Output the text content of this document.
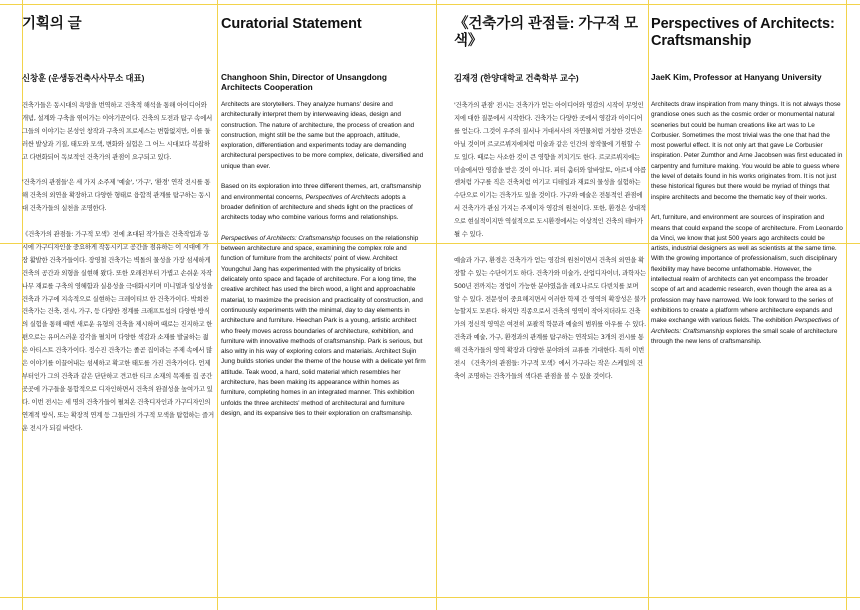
기획의 글
신창훈 (운생동건축사사무소 대표)

건축가들은 동시대의 욕망을 번역하고 건축적 해석을 통해 아이디어와 개념, 설계와 구축을 엮어가는 이야기꾼이다. 건축의 도전과 탐구 속에서 그들의 이야기는 본성인 창작과 구축의 프로세스는 변함없지만, 이를 둘러싼 발상과 기질, 태도와 모색, 변화와 실험은 그 어느 시대보다 복잡하고 다변화되어 독보적인 건축가의 관점이 요구되고 있다.

'건축가의 관점들'은 세 가지 소주제 '예술', '가구', '환경' 연작 전시를 통해 건축의 외연을 확장하고 다양한 형태로 융합적 관계를 탐구하는 동시대 건축가들의 실천을 조명한다.

《건축가의 관점들: 가구적 모색》전에 초대된 작가들은 건축작업과 동시에 가구디자인을 중요하게 작동시키고 공간을 점유하는 이 시대에 가장 활발한 건축가들이다. 장영철 건축가는 벽돌의 물성을 가장 섬세하게 건축의 공간과 외형을 실현해 왔다. 또한 오래전부터 가볍고 손쉬운 자작나무 재료를 구축의 영혜함과 실용성을 극대화시키며 미니멀과 일상성을 건축과 가구에 지속적으로 실현하는 크레이티브 한 건축가이다. 박희찬 건축가는 건축, 전시, 가구, 등 다양한 경계를 크래프트섭의 다양한 방식의 실험을 통해 때번 새로운 유형의 건축을 제시하며 때로는 진지하고 한편으로는 유머스러운 감각을 펼치며 다양한 색감과 소재를 발굴하는 젊은 아티스트 건축가이다. 정수진 건축가는 졸곧 집이라는 주제 속에서 많은 이야기를 이끌어내는 섬세하고 확고한 태도를 가진 건축가이다. 언제부터인가 그의 건축과 같은 단단하고 견고한 티크 소재의 목재를 집 공간 곳곳에 가구들을 통합적으로 디자인하면서 건축의 완결성을 높여가고 있다. 이번 전시는 세 명의 건축가들이 펼쳐온 건축디자인과 가구디자인의 연계적 방식, 또는 확장적 연계 등 그들만의 가구적 모색을 탐험하는 즐거운 전시가 되길 바란다.

Curatorial Statement
Changhoon Shin, Director of Unsangdong Architects Cooperation

Architects are storytellers. They analyze humans' desire and architecturally interpret them by interweaving ideas, design and construction. The nature of architecture, the process of creation and construction, might still be the same but the approach, attitude, exploration, differentiation and experiments today are demanding architectural perspectives to be more complex, delicate, diversified and unique than ever.

Based on its exploration into three different themes, art, craftsmanship and environmental concerns, Perspectives of Architects adopts a broader definition of architecture and sheds light on the practices of architects today who combine various forms and relationships.

Perspectives of Architects: Craftsmanship focuses on the relationship between architecture and space, examining the complex role and function of furniture from the architects' point of view. Architect Youngchul Jang has experimented with the physicality of bricks delicately onto space and façade of architecture. For a long time, the creative architect has used the birch wood, a light and approachable material, to maximize the precision and practicality of construction, and continuously experiments with the minimal, day to day elements in architecture and furniture. Heechan Park is a young, artistic architect who freely moves across boundaries of architecture, exhibition, and furniture with innovative methods of craftsmanship. Park is serious, but also witty in his way of exploring colors and materials. Architect Sujin Jung builds stories under the theme of the house with a delicate yet firm attitude. Teak wood, a hard, solid material which resembles her architecture, has been making its appearance within homes as furniture, completing homes in an integrated manner. This exhibition unfolds the three architects' method of architectural and furniture design, and its expansive ties to their exploration on craftsmanship.

《건축가의 관점들: 가구적 모색》
김재경 (한양대학교 건축학부 교수)

'건축가의 관점' 전시는 건축가가 얻는 아이디어와 영감의 시작이 무엇인지에 대한 질문에서 시작한다. 건축가는 다양한 곳에서 영감과 아이디어를 얻는다. 그것이 우주의 질서나 거대서사의 자연물처럼 거창한 것만은 아닐 것이며 르코르뷔지에처럼 미술과 같은 인간의 창작물에 기원할 수도 있다. 때로는 사소한 것이 큰 영향을 끼치기도 한다. 르코르뷔지에는 미술에서만 영감을 받은 것이 아니다. 피터 춤터와 알바알토, 아르네 야콥센처럼 가구를 직은 건축처럼 여기고 디테일과 재료의 물성을 실험하는 수단으로 이기는 건축가도 있을 것이다. 가구와 예술은 전통적인 관점에서 건축가가 관심 가지는 주제이자 영감의 원천이다. 또한, 환경은 상대적으로 현실적이지만 역설적으로 도시환경에서는 이상적인 건축의 테마가 될 수 있다.

예술과 가구, 환경은 건축가가 얻는 영감의 원천이면서 건축의 외연을 확장할 수 있는 수단이기도 하다. 건축가와 미술가, 산업디자이너, 과학자는 500년 전까지는 경업이 가능한 분야였음을 레오나르도 다빈치를 보며 알 수 있다. 전문성이 중요해지면서 이러한 학제 간 영역의 확장성은 불가능할지도 모른다. 하지만 직종으로서 건축의 영역이 작아지더라도 건축가의 정신적 영역은 여전히 포괄적 학문과 예술의 범위를 아우를 수 있다. 건축과 예술, 가구, 환경과의 관계를 탐구하는 연작되는 3개의 전시를 통해 건축가들의 영역 확장과 다양한 분야와의 교류를 기대한다. 특히 이번 전시 《건축가의 관점들: 가구적 모색》에서 가구라는 작은 스케일의 건축이 조명하는 건축가들의 색다른 관점을 볼 수 있을 것이다.

Perspectives of Architects: Craftsmanship
JaeK Kim, Professor at Hanyang University

Architects draw inspiration from many things. It is not always those grandiose ones such as the cosmic order or monumental natural sceneries but could be human creations like art was to Le Corbusier. Sometimes the most trivial was the one that had the most powerful effect. It is not only art that gave Le Corbusier inspiration. Peter Zumthor and Arne Jacobsen was first educated in carpentry and furniture making. You would be able to guess where the level of details found in his works originates from. It is not just these historical figures but there would be myriad of things that inspire architects and become the thematic key of their works.

Art, furniture, and environment are sources of inspiration and means that could expand the scope of architecture. From Leonardo da Vinci, we know that just 500 years ago architects could be artists, industrial designers as well as scientists at the same time. With the growing importance of professionalism, such disciplinary flexibility may have become unfathomable. However, the intellectual realm of architects can yet encompass the broader scope of art and academic research, even though the area as a profession may have narrowed. We look forward to the series of exhibitions to create a platform where architecture expands and make exchange with various fields. The exhibition Perspectives of Architects: Craftsmanship explores the small scale of architecture through the new lens of craftsmanship.
